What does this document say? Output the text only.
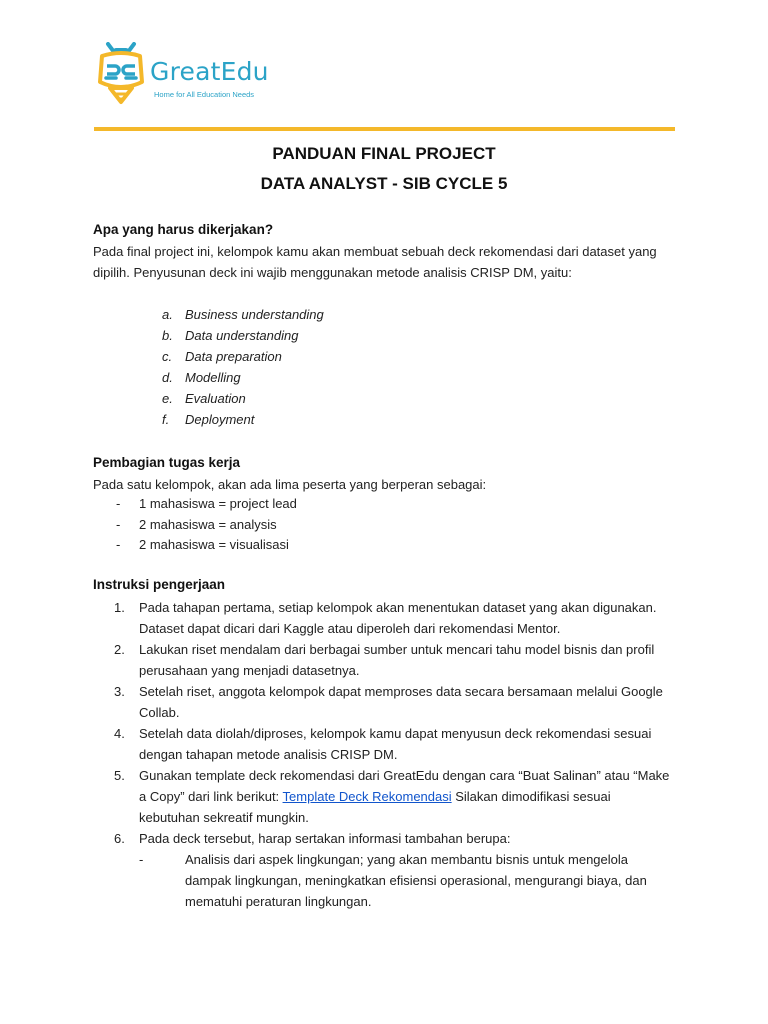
GreatEdu
Home for All Education Needs
PANDUAN FINAL PROJECT
DATA ANALYST - SIB CYCLE 5
Apa yang harus dikerjakan?

Pada final project ini, kelompok kamu akan membuat sebuah deck rekomendasi dari dataset yang dipilih. Penyusunan deck ini wajib menggunakan metode analisis CRISP DM, yaitu:

a. Business understanding
b. Data understanding
c. Data preparation
d. Modelling
e. Evaluation
f. Deployment
Pembagian tugas kerja

Pada satu kelompok, akan ada lima peserta yang berperan sebagai:

- 1 mahasiswa = project lead
- 2 mahasiswa = analysis
- 2 mahasiswa = visualisasi
Instruksi pengerjaan
1. Pada tahapan pertama, setiap kelompok akan menentukan dataset yang akan digunakan. Dataset dapat dicari dari Kaggle atau diperoleh dari rekomendasi Mentor.
2. Lakukan riset mendalam dari berbagai sumber untuk mencari tahu model bisnis dan profil perusahaan yang menjadi datasetnya.
3. Setelah riset, anggota kelompok dapat memproses data secara bersamaan melalui Google Collab.
4. Setelah data diolah/diproses, kelompok kamu dapat menyusun deck rekomendasi sesuai dengan tahapan metode analisis CRISP DM.
5. Gunakan template deck rekomendasi dari GreatEdu dengan cara “Buat Salinan” atau “Make a Copy” dari link berikut: Template Deck Rekomendasi Silakan dimodifikasi sesuai kebutuhan sekreatif mungkin.
6. Pada deck tersebut, harap sertakan informasi tambahan berupa:
-	Analisis dari aspek lingkungan; yang akan membantu bisnis untuk mengelola dampak lingkungan, meningkatkan efisiensi operasional, mengurangi biaya, dan mematuhi peraturan lingkungan.
